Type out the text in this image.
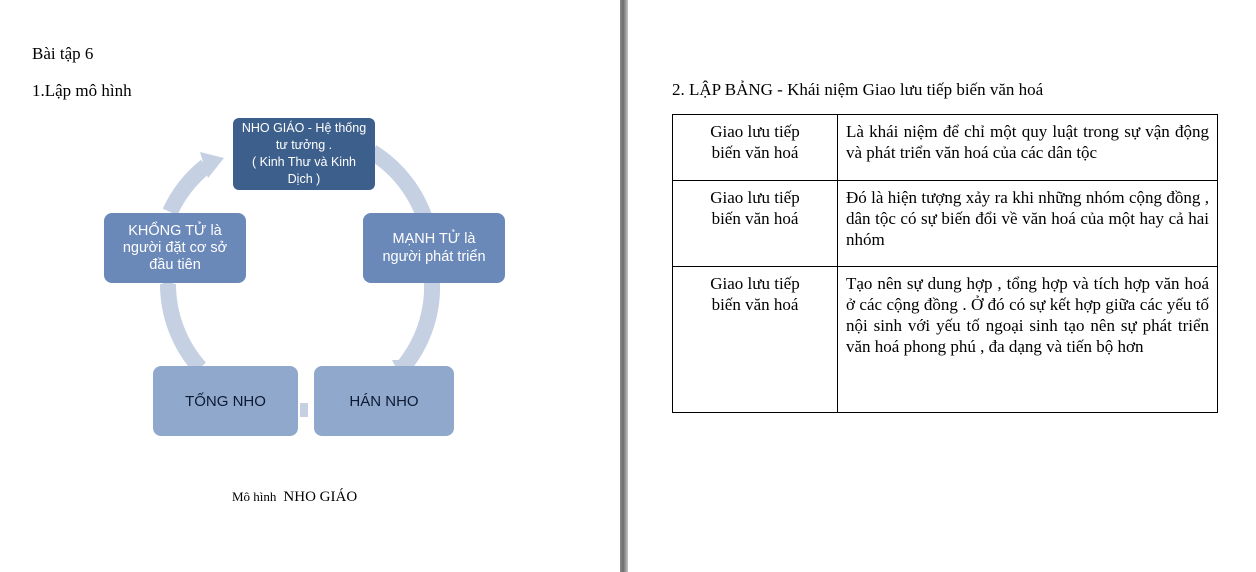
Bài tập 6
1.Lập mô hình
NHO GIÁO - Hệ thống
tư tưởng .
( Kinh Thư và Kinh
Dịch )
MẠNH TỬ là
người phát triển
HÁN NHO
TỐNG NHO
KHỔNG TỬ là
người đặt cơ sở
đầu tiên
Mô hình NHO GIÁO
2. LẬP BẢNG - Khái niệm Giao lưu tiếp biến văn hoá
Giao lưu tiếp
biến văn hoá	Là khái niệm để chỉ một quy luật trong sự vận động và phát triển văn hoá của các dân tộc
Giao lưu tiếp
biến văn hoá	Đó là hiện tượng xảy ra khi những nhóm cộng đồng , dân tộc có sự biến đổi về văn hoá của một hay cả hai nhóm
Giao lưu tiếp
biến văn hoá	Tạo nên sự dung hợp , tổng hợp và tích hợp văn hoá ở các cộng đồng . Ở đó có sự kết hợp giữa các yếu tố nội sinh với yếu tố ngoại sinh tạo nên sự phát triển văn hoá phong phú , đa dạng và tiến bộ hơn
